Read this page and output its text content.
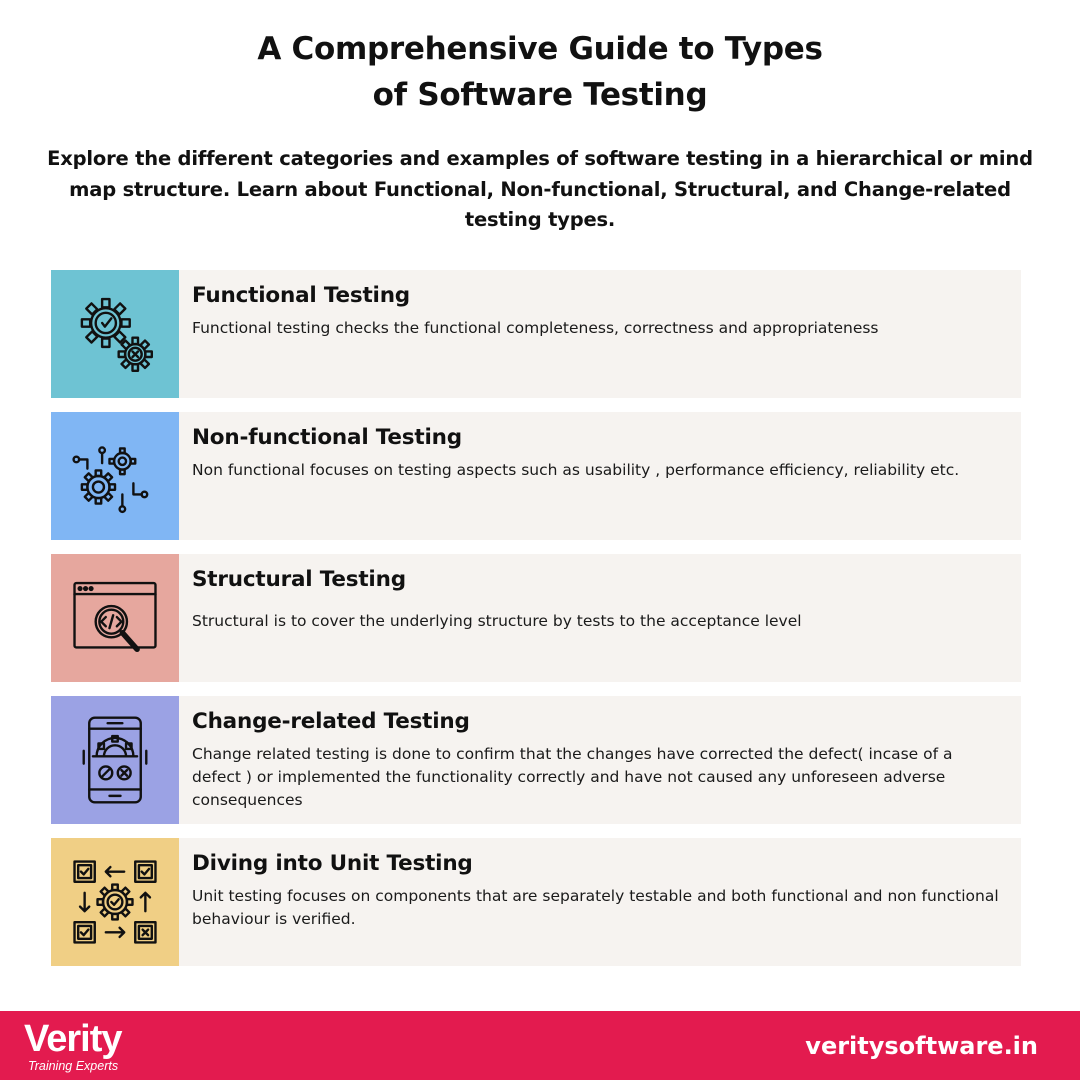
A Comprehensive Guide to Types
of Software Testing
Explore the different categories and examples of software testing in a hierarchical or mind map structure. Learn about Functional, Non-functional, Structural, and Change-related testing types.
Functional Testing
Functional testing checks the functional completeness, correctness and appropriateness
Non-functional Testing
Non functional focuses on testing aspects such as usability , performance efficiency, reliability etc.
Structural Testing
Structural is to cover the underlying structure by tests to the acceptance level
Change-related Testing
Change related testing is done to confirm that the changes have corrected the defect( incase of a defect ) or implemented the functionality correctly and have not caused any unforeseen adverse consequences
Diving into Unit Testing
Unit testing focuses on components that are separately testable and both functional and non functional behaviour is verified.
Verity
Training Experts
veritysoftware.in
